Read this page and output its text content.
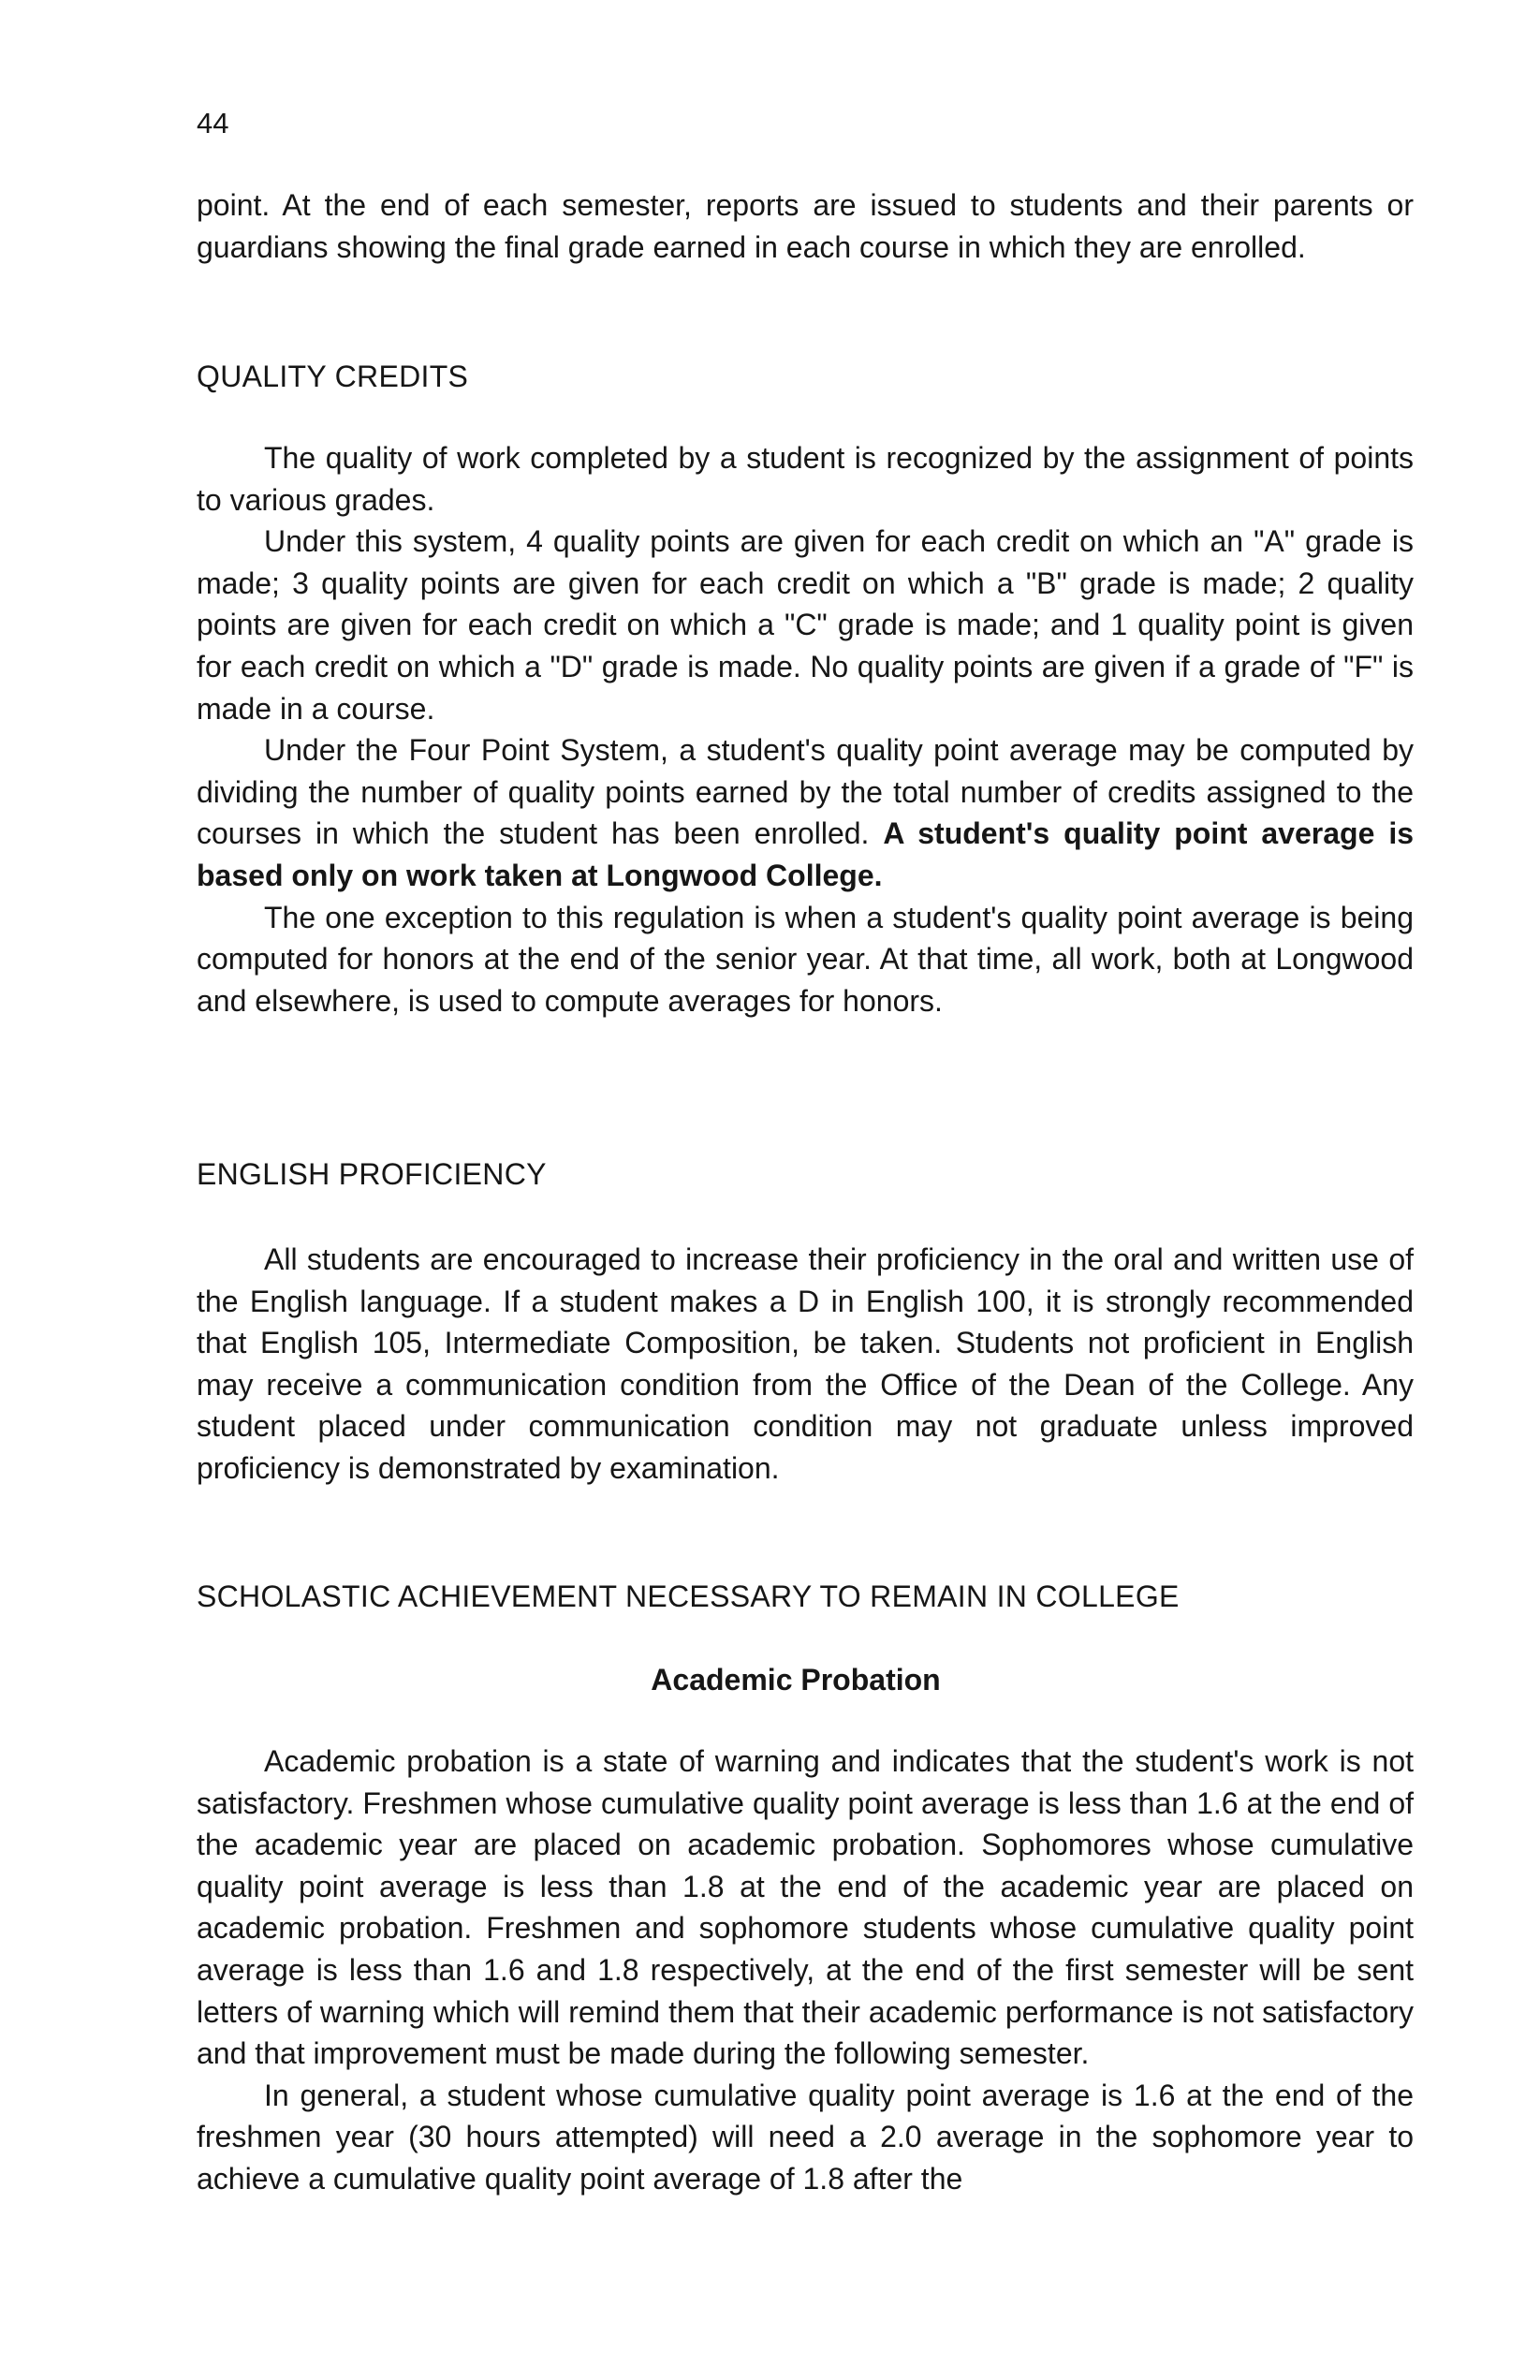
44

point. At the end of each semester, reports are issued to students and their parents or guardians showing the final grade earned in each course in which they are enrolled.

QUALITY CREDITS

The quality of work completed by a student is recognized by the assignment of points to various grades.

Under this system, 4 quality points are given for each credit on which an "A" grade is made; 3 quality points are given for each credit on which a "B" grade is made; 2 quality points are given for each credit on which a "C" grade is made; and 1 quality point is given for each credit on which a "D" grade is made. No quality points are given if a grade of "F" is made in a course.

Under the Four Point System, a student's quality point average may be computed by dividing the number of quality points earned by the total number of credits assigned to the courses in which the student has been enrolled. A student's quality point average is based only on work taken at Longwood College.

The one exception to this regulation is when a student's quality point average is being computed for honors at the end of the senior year. At that time, all work, both at Longwood and elsewhere, is used to compute averages for honors.

ENGLISH PROFICIENCY

All students are encouraged to increase their proficiency in the oral and written use of the English language. If a student makes a D in English 100, it is strongly recommended that English 105, Intermediate Composition, be taken. Students not proficient in English may receive a communication condition from the Office of the Dean of the College. Any student placed under communication condition may not graduate unless improved proficiency is demonstrated by examination.

SCHOLASTIC ACHIEVEMENT NECESSARY TO REMAIN IN COLLEGE
Academic Probation

Academic probation is a state of warning and indicates that the student's work is not satisfactory. Freshmen whose cumulative quality point average is less than 1.6 at the end of the academic year are placed on academic probation. Sophomores whose cumulative quality point average is less than 1.8 at the end of the academic year are placed on academic probation. Freshmen and sophomore students whose cumulative quality point average is less than 1.6 and 1.8 respectively, at the end of the first semester will be sent letters of warning which will remind them that their academic performance is not satisfactory and that improvement must be made during the following semester.

In general, a student whose cumulative quality point average is 1.6 at the end of the freshmen year (30 hours attempted) will need a 2.0 average in the sophomore year to achieve a cumulative quality point average of 1.8 after the
